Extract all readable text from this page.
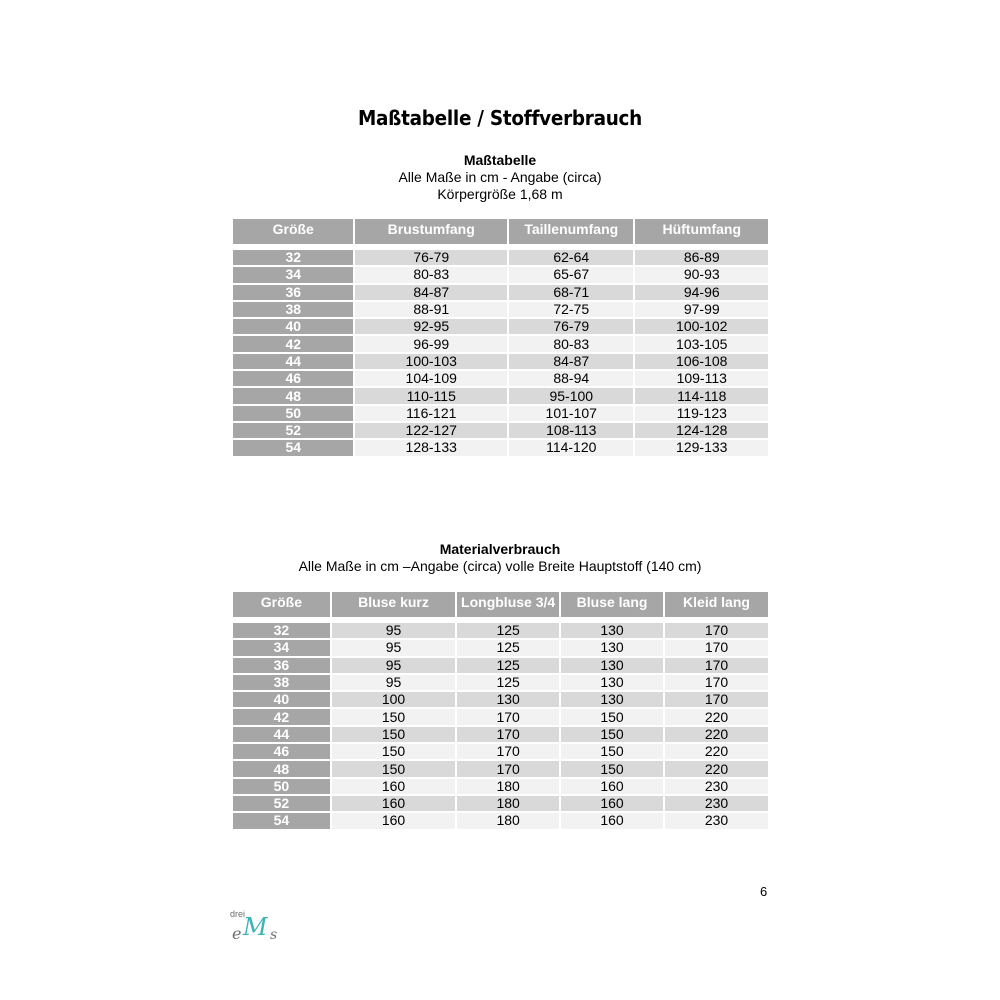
Maßtabelle / Stoffverbrauch
Maßtabelle
Alle Maße in cm - Angabe (circa)
Körpergröße 1,68 m
Größe	Brustumfang	Taillenumfang	Hüftumfang

32	76-79	62-64	86-89
34	80-83	65-67	90-93
36	84-87	68-71	94-96
38	88-91	72-75	97-99
40	92-95	76-79	100-102
42	96-99	80-83	103-105
44	100-103	84-87	106-108
46	104-109	88-94	109-113
48	110-115	95-100	114-118
50	116-121	101-107	119-123
52	122-127	108-113	124-128
54	128-133	114-120	129-133
Materialverbrauch
Alle Maße in cm –Angabe (circa) volle Breite Hauptstoff (140 cm)
Größe	Bluse kurz	Longbluse 3/4	Bluse lang	Kleid lang

32	95	125	130	170
34	95	125	130	170
36	95	125	130	170
38	95	125	130	170
40	100	130	130	170
42	150	170	150	220
44	150	170	150	220
46	150	170	150	220
48	150	170	150	220
50	160	180	160	230
52	160	180	160	230
54	160	180	160	230
6
drei
e M s
